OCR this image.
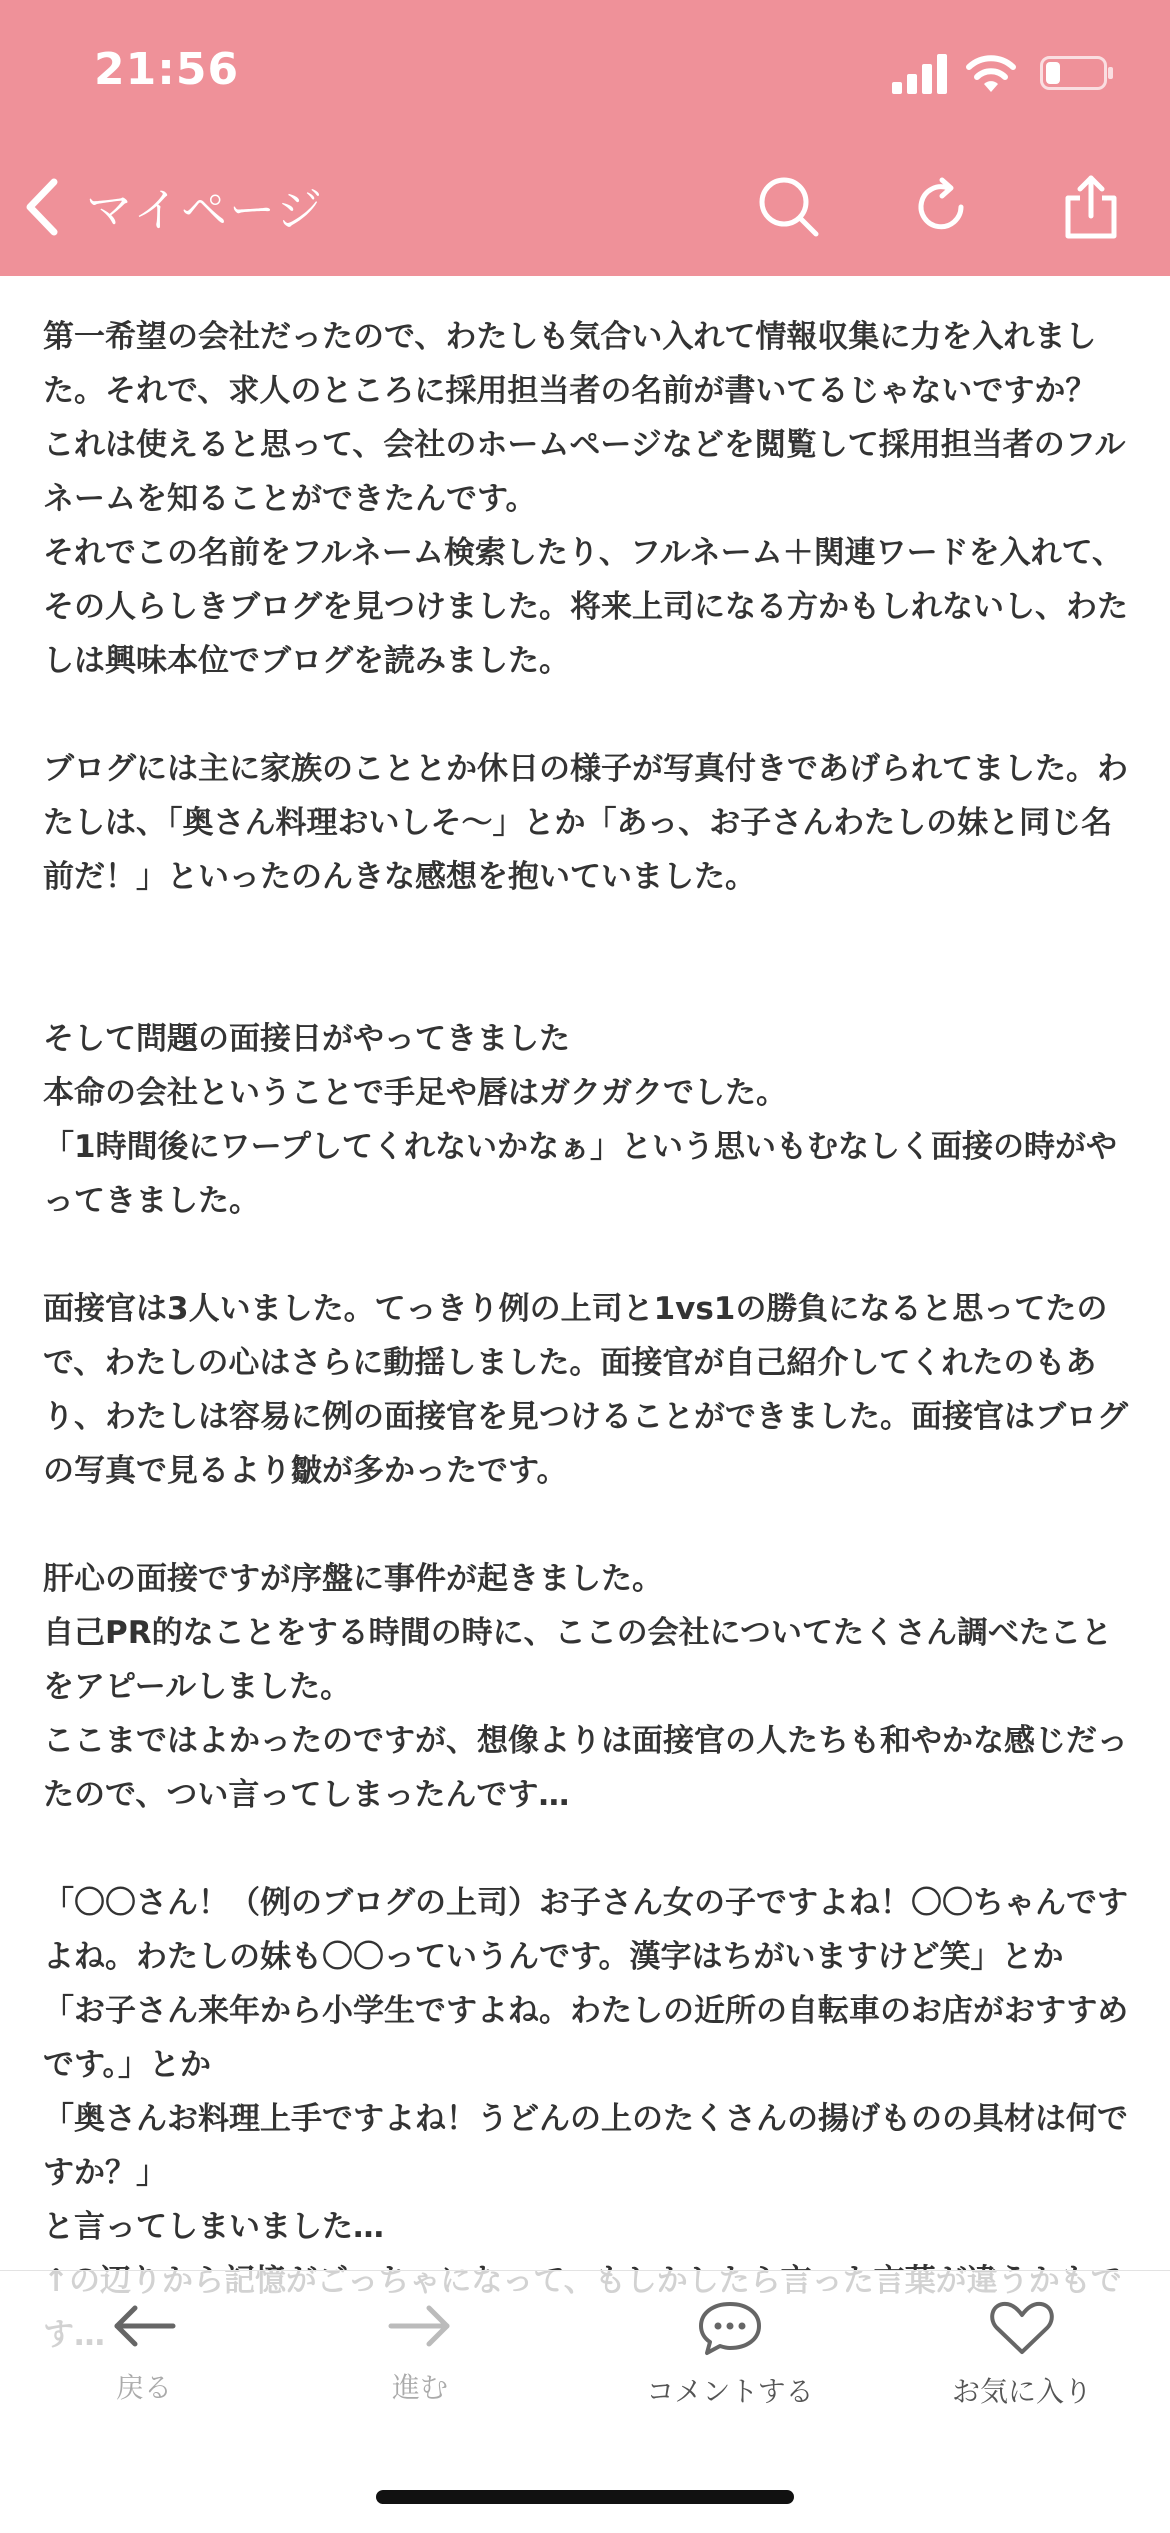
21:56
マイページ

第一希望の会社だったので、わたしも気合い入れて情報収集に力を入れました。それで、求人のところに採用担当者の名前が書いてるじゃないですか？
これは使えると思って、会社のホームページなどを閲覧して採用担当者のフルネームを知ることができたんです。
それでこの名前をフルネーム検索したり、フルネーム＋関連ワードを入れて、その人らしきブログを見つけました。将来上司になる方かもしれないし、わたしは興味本位でブログを読みました。

ブログには主に家族のこととか休日の様子が写真付きであげられてました。わたしは、「奥さん料理おいしそ〜」とか「あっ、お子さんわたしの妹と同じ名前だ！」といったのんきな感想を抱いていました。

そして問題の面接日がやってきました
本命の会社ということで手足や唇はガクガクでした。
「1時間後にワープしてくれないかなぁ」という思いもむなしく面接の時がやってきました。

面接官は3人いました。てっきり例の上司と1vs1の勝負になると思ってたので、わたしの心はさらに動揺しました。面接官が自己紹介してくれたのもあり、わたしは容易に例の面接官を見つけることができました。面接官はブログの写真で見るより皺が多かったです。

肝心の面接ですが序盤に事件が起きました。
自己PR的なことをする時間の時に、ここの会社についてたくさん調べたことをアピールしました。
ここまではよかったのですが、想像よりは面接官の人たちも和やかな感じだったので、つい言ってしまったんです…

「〇〇さん！（例のブログの上司）お子さん女の子ですよね！〇〇ちゃんですよね。わたしの妹も〇〇っていうんです。漢字はちがいますけど笑」とか
「お子さん来年から小学生ですよね。わたしの近所の自転車のお店がおすすめです。」とか
「奥さんお料理上手ですよね！うどんの上のたくさんの揚げものの具材は何ですか？」
と言ってしまいました…

戻る	進む	コメントする	お気に入り
